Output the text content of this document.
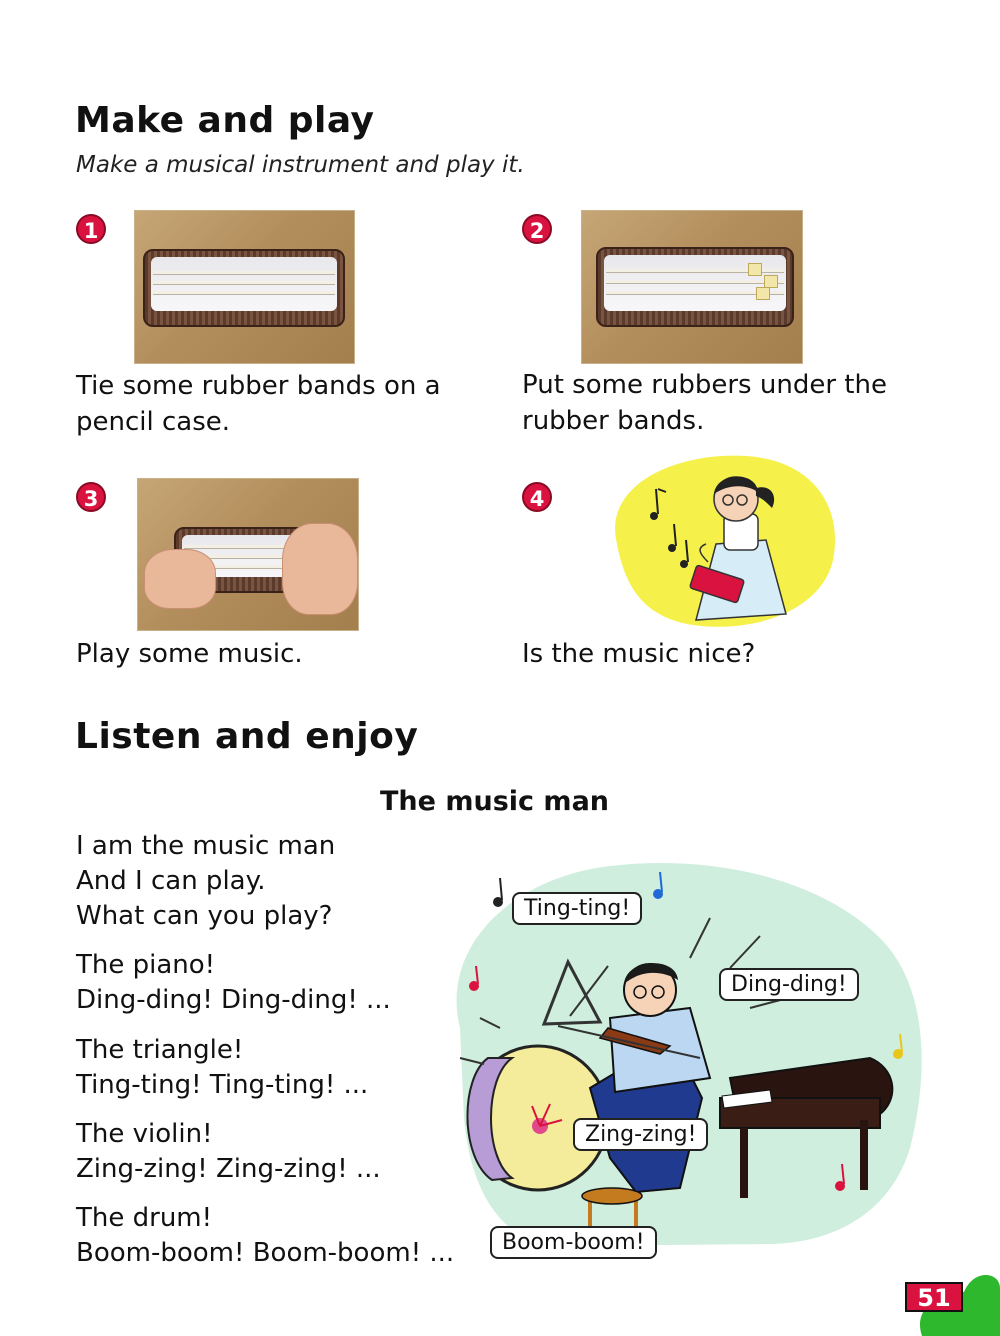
Make and play
Make a musical instrument and play it.
1
Tie some rubber bands on a
pencil case.
2
Put some rubbers under the
rubber bands.
3
Play some music.
4
Is the music nice?
Listen and enjoy
The music man
I am the music man
And I can play.
What can you play?
The piano!
Ding-ding! Ding-ding! ...
The triangle!
Ting-ting! Ting-ting! ...
The violin!
Zing-zing! Zing-zing! ...
The drum!
Boom-boom! Boom-boom! ...
Ting-ting!
Ding-ding!
Zing-zing!
Boom-boom!
51
